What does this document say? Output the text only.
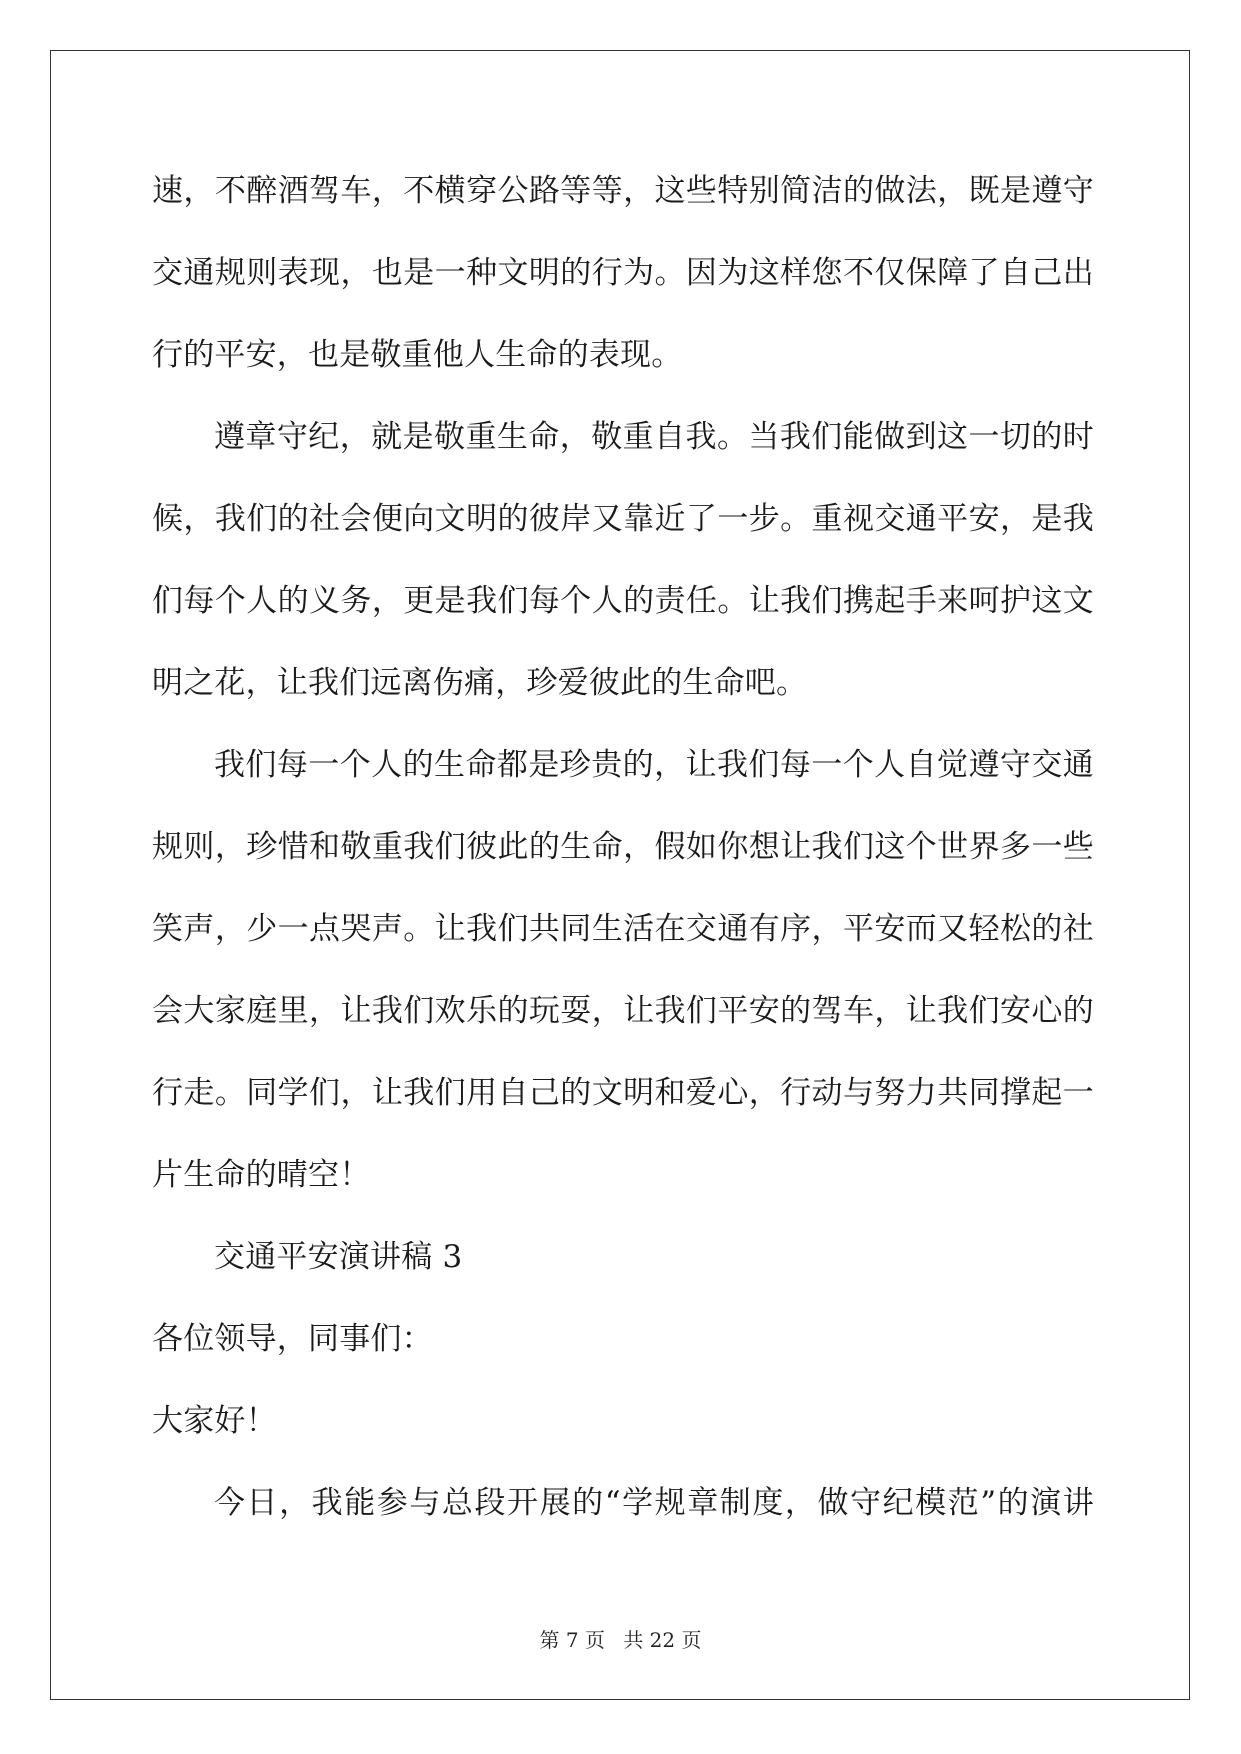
速，不醉酒驾车，不横穿公路等等，这些特别简洁的做法，既是遵守
交通规则表现，也是一种文明的行为。因为这样您不仅保障了自己出
行的平安，也是敬重他人生命的表现。
遵章守纪，就是敬重生命，敬重自我。当我们能做到这一切的时
候，我们的社会便向文明的彼岸又靠近了一步。重视交通平安，是我
们每个人的义务，更是我们每个人的责任。让我们携起手来呵护这文
明之花，让我们远离伤痛，珍爱彼此的生命吧。
我们每一个人的生命都是珍贵的，让我们每一个人自觉遵守交通
规则，珍惜和敬重我们彼此的生命，假如你想让我们这个世界多一些
笑声，少一点哭声。让我们共同生活在交通有序，平安而又轻松的社
会大家庭里，让我们欢乐的玩耍，让我们平安的驾车，让我们安心的
行走。同学们，让我们用自己的文明和爱心，行动与努力共同撑起一
片生命的晴空！
交通平安演讲稿 3
各位领导，同事们：
大家好！
今日，我能参与总段开展的“学规章制度，做守纪模范”的演讲
第 7 页 共 22 页
